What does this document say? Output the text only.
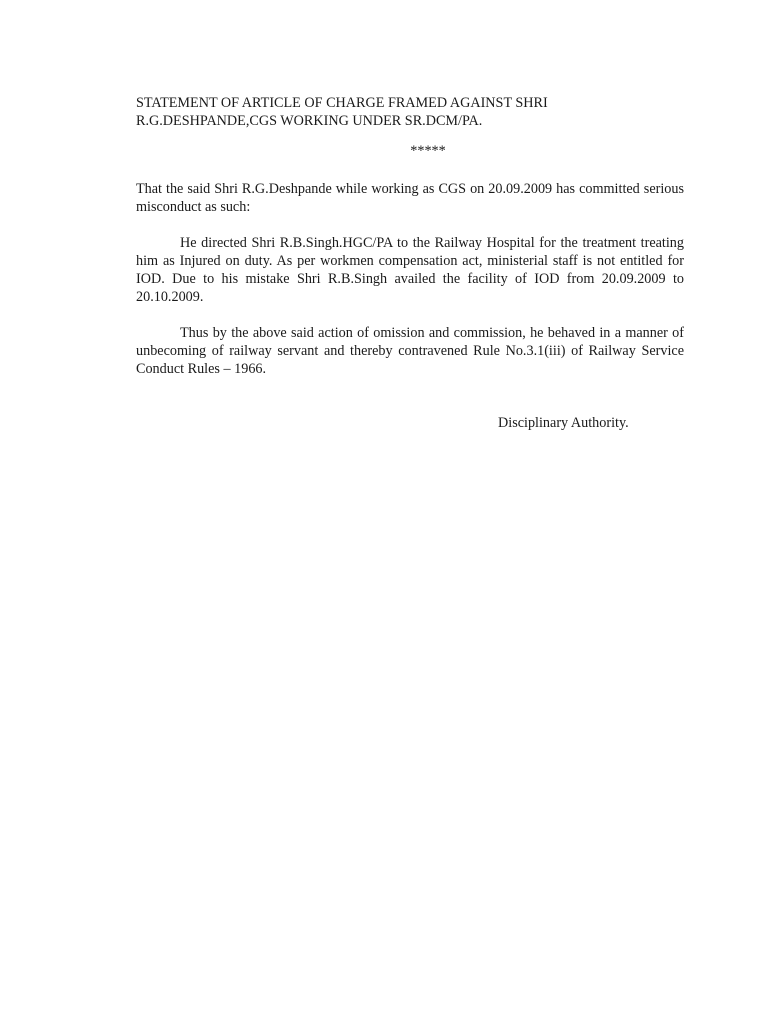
STATEMENT OF ARTICLE OF CHARGE FRAMED AGAINST SHRI
R.G.DESHPANDE,CGS WORKING UNDER SR.DCM/PA.
*****

That the said Shri R.G.Deshpande while working as CGS on 20.09.2009 has committed serious misconduct as such:

He directed Shri R.B.Singh.HGC/PA to the Railway Hospital for the treatment treating him as Injured on duty. As per workmen compensation act, ministerial staff is not entitled for IOD. Due to his mistake Shri R.B.Singh availed the facility of IOD from 20.09.2009 to 20.10.2009.

Thus by the above said action of omission and commission, he behaved in a manner of unbecoming of railway servant and thereby contravened Rule No.3.1(iii) of Railway Service Conduct Rules – 1966.

Disciplinary Authority.
